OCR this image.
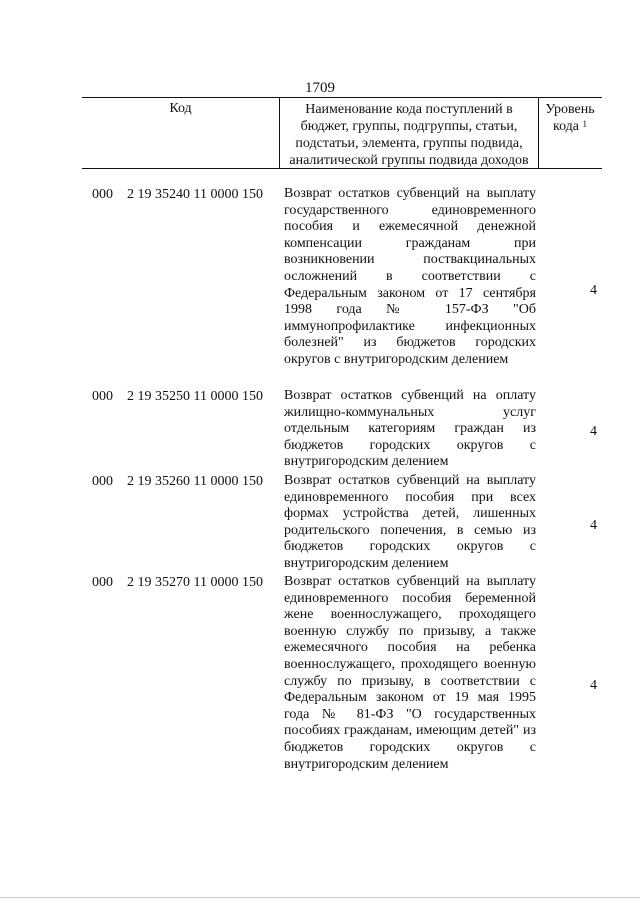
1709
Код	Наименование кода поступлений в
бюджет, группы, подгруппы, статьи,
подстатьи, элемента, группы подвида,
аналитической группы подвида доходов
Уровень
кода $^1$
000 2 19 35240 11 0000 150 Возврат остатков субвенций на выплату государственного единовременного пособия и ежемесячной денежной компенсации гражданам при возникновении поствакцинальных осложнений в соответствии с Федеральным законом от 17 сентября 1998 года № 157-ФЗ "Об иммунопрофилактике инфекционных болезней" из бюджетов городских округов с внутригородским делением
4
000 2 19 35250 11 0000 150 Возврат остатков субвенций на оплату жилищно-коммунальных услуг отдельным категориям граждан из бюджетов городских округов с внутригородским делением
4
000 2 19 35260 11 0000 150 Возврат остатков субвенций на выплату единовременного пособия при всех формах устройства детей, лишенных родительского попечения, в семью из бюджетов городских округов с внутригородским делением
4
000 2 19 35270 11 0000 150 Возврат остатков субвенций на выплату единовременного пособия беременной жене военнослужащего, проходящего военную службу по призыву, а также ежемесячного пособия на ребенка военнослужащего, проходящего военную службу по призыву, в соответствии с Федеральным законом от 19 мая 1995 года № 81-ФЗ "О государственных пособиях гражданам, имеющим детей" из бюджетов городских округов с внутригородским делением
4
